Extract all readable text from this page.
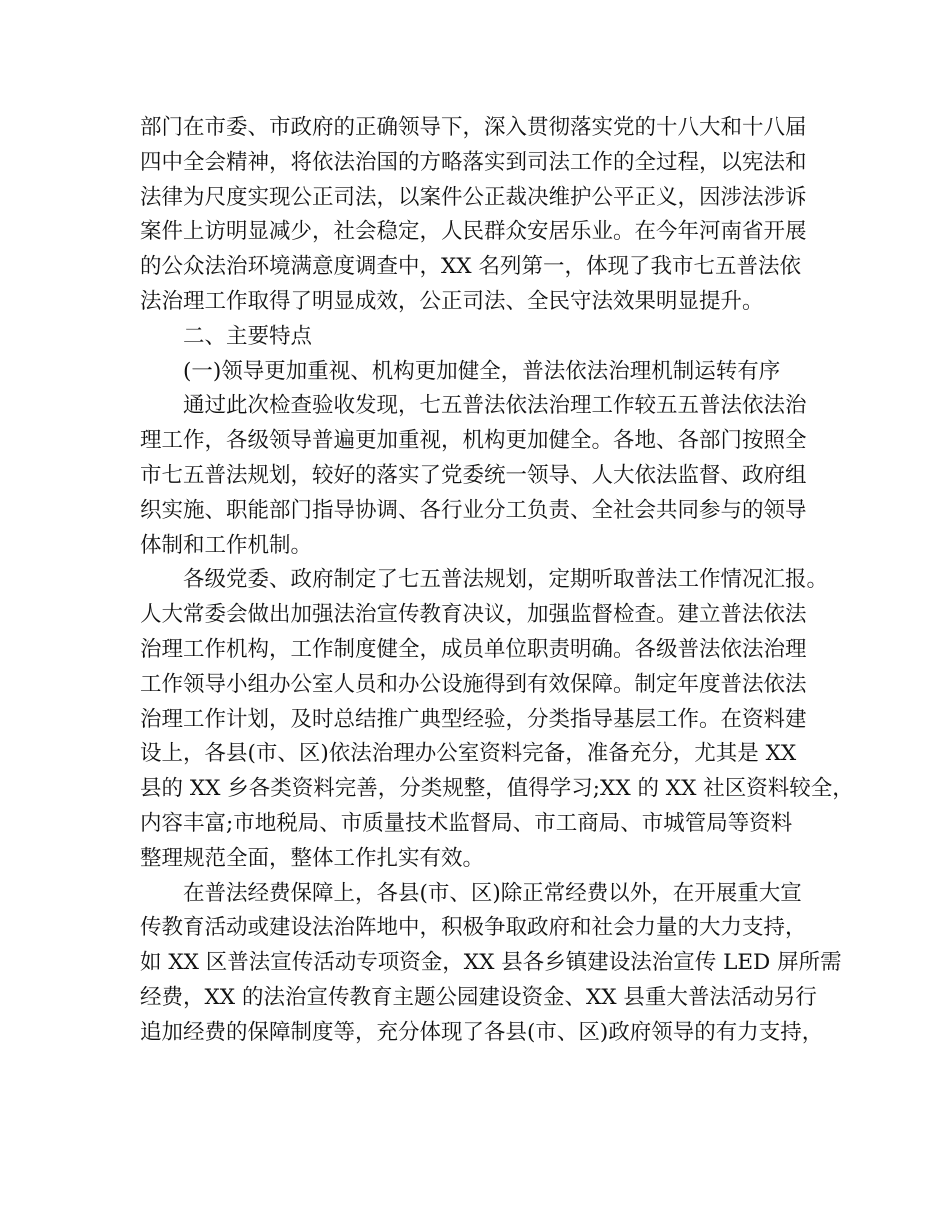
部门在市委、市政府的正确领导下，深入贯彻落实党的十八大和十八届
四中全会精神，将依法治国的方略落实到司法工作的全过程，以宪法和
法律为尺度实现公正司法，以案件公正裁决维护公平正义，因涉法涉诉
案件上访明显减少，社会稳定，人民群众安居乐业。在今年河南省开展
的公众法治环境满意度调查中，XX 名列第一，体现了我市七五普法依
法治理工作取得了明显成效，公正司法、全民守法效果明显提升。
二、主要特点
(一)领导更加重视、机构更加健全，普法依法治理机制运转有序
通过此次检查验收发现，七五普法依法治理工作较五五普法依法治
理工作，各级领导普遍更加重视，机构更加健全。各地、各部门按照全
市七五普法规划，较好的落实了党委统一领导、人大依法监督、政府组
织实施、职能部门指导协调、各行业分工负责、全社会共同参与的领导
体制和工作机制。
各级党委、政府制定了七五普法规划，定期听取普法工作情况汇报。
人大常委会做出加强法治宣传教育决议，加强监督检查。建立普法依法
治理工作机构，工作制度健全，成员单位职责明确。各级普法依法治理
工作领导小组办公室人员和办公设施得到有效保障。制定年度普法依法
治理工作计划，及时总结推广典型经验，分类指导基层工作。在资料建
设上，各县(市、区)依法治理办公室资料完备，准备充分，尤其是 XX
县的 XX 乡各类资料完善，分类规整，值得学习;XX 的 XX 社区资料较全，
内容丰富;市地税局、市质量技术监督局、市工商局、市城管局等资料
整理规范全面，整体工作扎实有效。
在普法经费保障上，各县(市、区)除正常经费以外，在开展重大宣
传教育活动或建设法治阵地中，积极争取政府和社会力量的大力支持，
如 XX 区普法宣传活动专项资金，XX 县各乡镇建设法治宣传 LED 屏所需
经费，XX 的法治宣传教育主题公园建设资金、XX 县重大普法活动另行
追加经费的保障制度等，充分体现了各县(市、区)政府领导的有力支持，
